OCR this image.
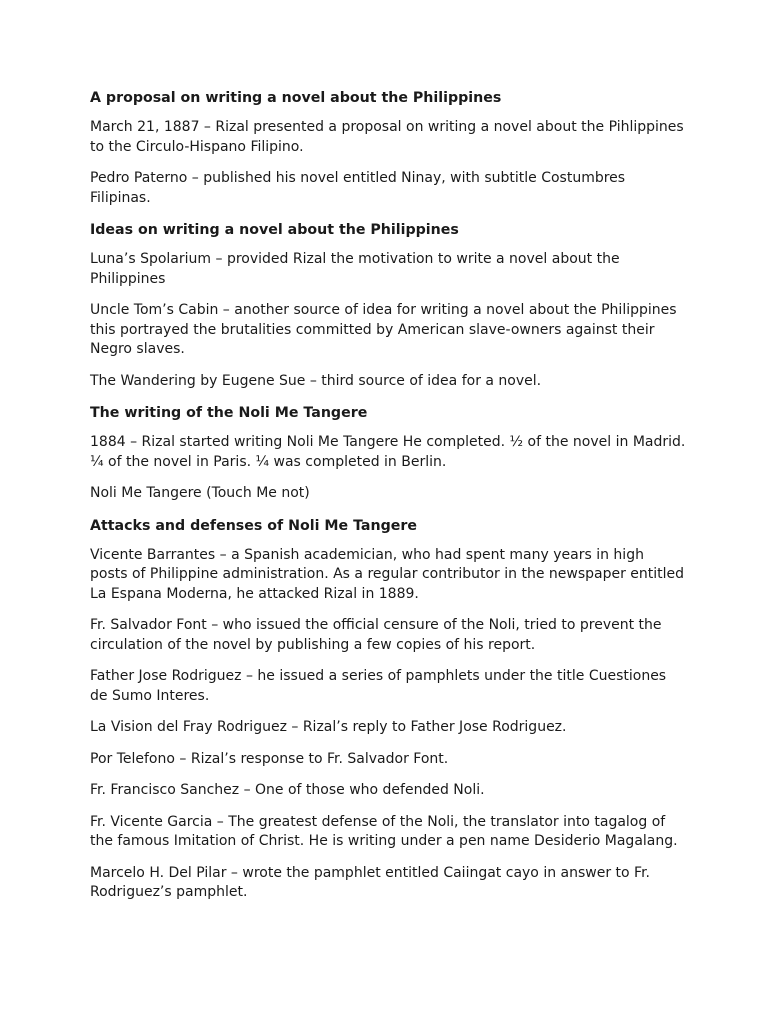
A proposal on writing a novel about the Philippines
March 21, 1887 – Rizal presented a proposal on writing a novel about the Pihlippines
to the Circulo-Hispano Filipino.
Pedro Paterno – published his novel entitled Ninay, with subtitle Costumbres
Filipinas.
Ideas on writing a novel about the Philippines
Luna’s Spolarium – provided Rizal the motivation to write a novel about the
Philippines
Uncle Tom’s Cabin – another source of idea for writing a novel about the Philippines
this portrayed the brutalities committed by American slave-owners against their
Negro slaves.
The Wandering by Eugene Sue – third source of idea for a novel.
The writing of the Noli Me Tangere
1884 – Rizal started writing Noli Me Tangere He completed. ½ of the novel in Madrid.
¼ of the novel in Paris. ¼ was completed in Berlin.
Noli Me Tangere (Touch Me not)
Attacks and defenses of Noli Me Tangere
Vicente Barrantes – a Spanish academician, who had spent many years in high
posts of Philippine administration. As a regular contributor in the newspaper entitled
La Espana Moderna, he attacked Rizal in 1889.
Fr. Salvador Font – who issued the official censure of the Noli, tried to prevent the
circulation of the novel by publishing a few copies of his report.
Father Jose Rodriguez – he issued a series of pamphlets under the title Cuestiones
de Sumo Interes.
La Vision del Fray Rodriguez – Rizal’s reply to Father Jose Rodriguez.
Por Telefono – Rizal’s response to Fr. Salvador Font.
Fr. Francisco Sanchez – One of those who defended Noli.
Fr. Vicente Garcia – The greatest defense of the Noli, the translator into tagalog of
the famous Imitation of Christ. He is writing under a pen name Desiderio Magalang.
Marcelo H. Del Pilar – wrote the pamphlet entitled Caiingat cayo in answer to Fr.
Rodriguez’s pamphlet.
